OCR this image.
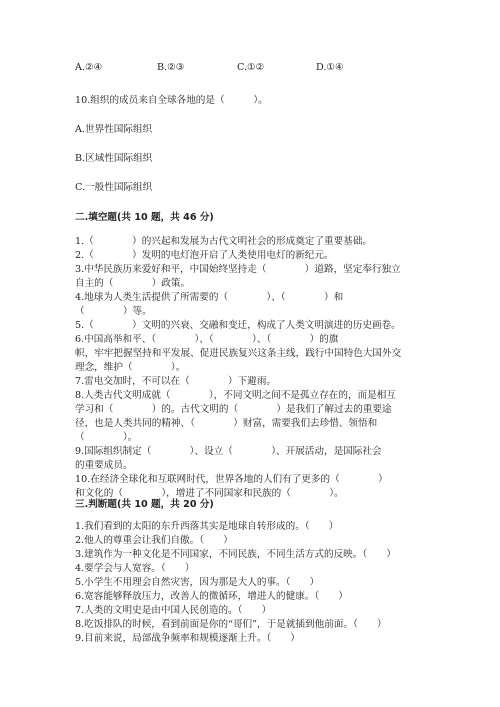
A.②④	B.②③	C.①②	D.①④
10.组织的成员来自全球各地的是（　　　）。
A.世界性国际组织
B.区域性国际组织
C.一般性国际组织
二.填空题(共 10 题，共 46 分)
1.（　　　　）的兴起和发展为古代文明社会的形成奠定了重要基础。
2.（　　　　）发明的电灯泡开启了人类使用电灯的新纪元。
3.中华民族历来爱好和平，中国始终坚持走（　　　　）道路，坚定奉行独立
自主的（　　　　）政策。
4.地球为人类生活提供了所需要的（　　　　）、（　　　　）和
（　　　　）等。
5.（　　　　）文明的兴衰、交融和变迁，构成了人类文明演进的历史画卷。
6.中国高举和平、（　　　　）、（　　　　）、（　　　　）的旗
帜，牢牢把握坚持和平发展、促进民族复兴这条主线，践行中国特色大国外交
理念，维护（　　　　）。
7.雷电交加时，不可以在（　　　　）下避雨。
8.人类古代文明成就（　　　　），不同文明之间不是孤立存在的，而是相互
学习和（　　　　）的。古代文明的（　　　　）是我们了解过去的重要途
径，也是人类共同的精神、（　　　　）财富，需要我们去珍惜、领悟和
（　　　　）。
9.国际组织制定（　　　　）、设立（　　　　）、开展活动，是国际社会
的重要成员。
10.在经济全球化和互联网时代，世界各地的人们有了更多的（　　　　）
和文化的（　　　　），增进了不同国家和民族的（　　　　）。
三.判断题(共 10 题，共 20 分)
1.我们看到的太阳的东升西落其实是地球自转形成的。（　　）
2.他人的尊重会让我们自傲。（　　）
3.建筑作为一种文化是不同国家，不同民族，不同生活方式的反映。（　　）
4.要学会与人宽容。（　　）
5.小学生不用理会自然灾害，因为那是大人的事。（　　）
6.宽容能够释放压力，改善人的微循环，增进人的健康。（　　）
7.人类的文明史是由中国人民创造的。（　　）
8.吃饭排队的时候，看到前面是你的“哥们”，于是就插到他前面。（　　）
9.目前来说，局部战争频率和规模逐渐上升。（　　）
